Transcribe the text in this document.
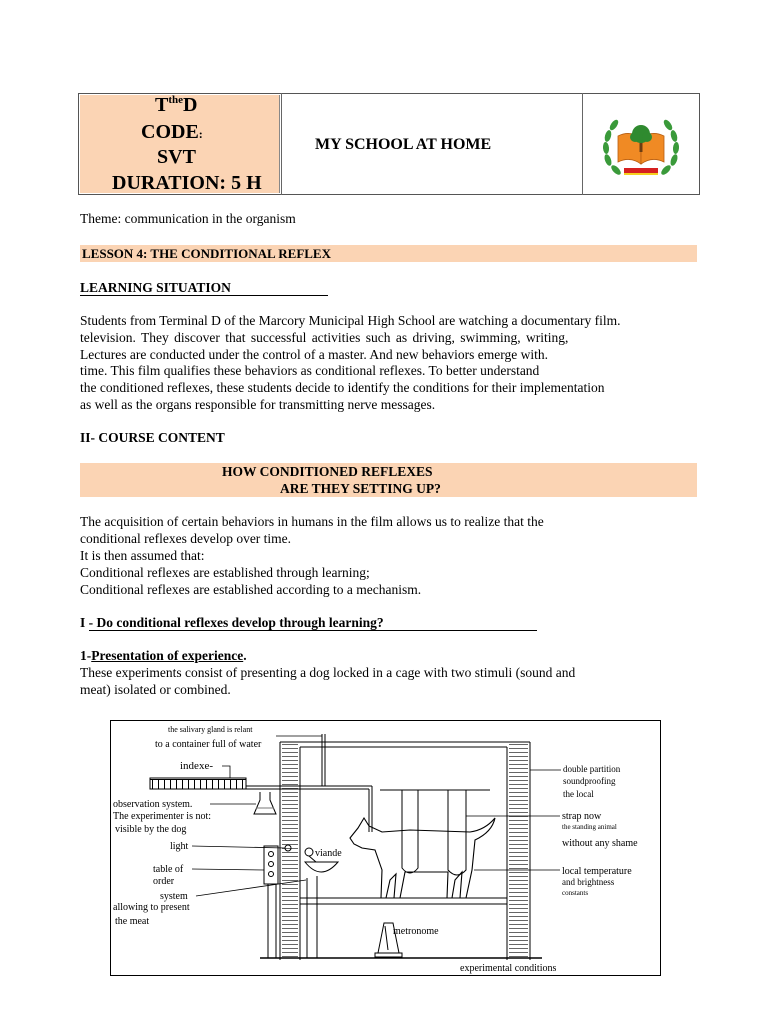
$T^{the}D$
CODE:
SVT
DURATION: 5 H
MY SCHOOL AT HOME
Theme: communication in the organism
LESSON 4: THE CONDITIONAL REFLEX
LEARNING SITUATION
Students from Terminal D of the Marcory Municipal High School are watching a documentary film.
television. They discover that successful activities such as driving, swimming, writing,
Lectures are conducted under the control of a master. And new behaviors emerge with.
time. This film qualifies these behaviors as conditional reflexes. To better understand
the conditioned reflexes, these students decide to identify the conditions for their implementation
as well as the organs responsible for transmitting nerve messages.
II- COURSE CONTENT
HOW CONDITIONED REFLEXES
ARE THEY SETTING UP?
The acquisition of certain behaviors in humans in the film allows us to realize that the
conditional reflexes develop over time.
It is then assumed that:
Conditional reflexes are established through learning;
Conditional reflexes are established according to a mechanism.
I - Do conditional reflexes develop through learning?
1-Presentation of experience.
These experiments consist of presenting a dog locked in a cage with two stimuli (sound and
meat) isolated or combined.
the salivary gland is relant
to a container full of water
indexe-
observation system.
The experimenter is not:
visible by the dog
light
table of
order
system
allowing to present
the meat
viande
metronome
double partition
soundproofing
the local
strap now
the standing animal
without any shame
local temperature
and brightness
constants
experimental conditions
